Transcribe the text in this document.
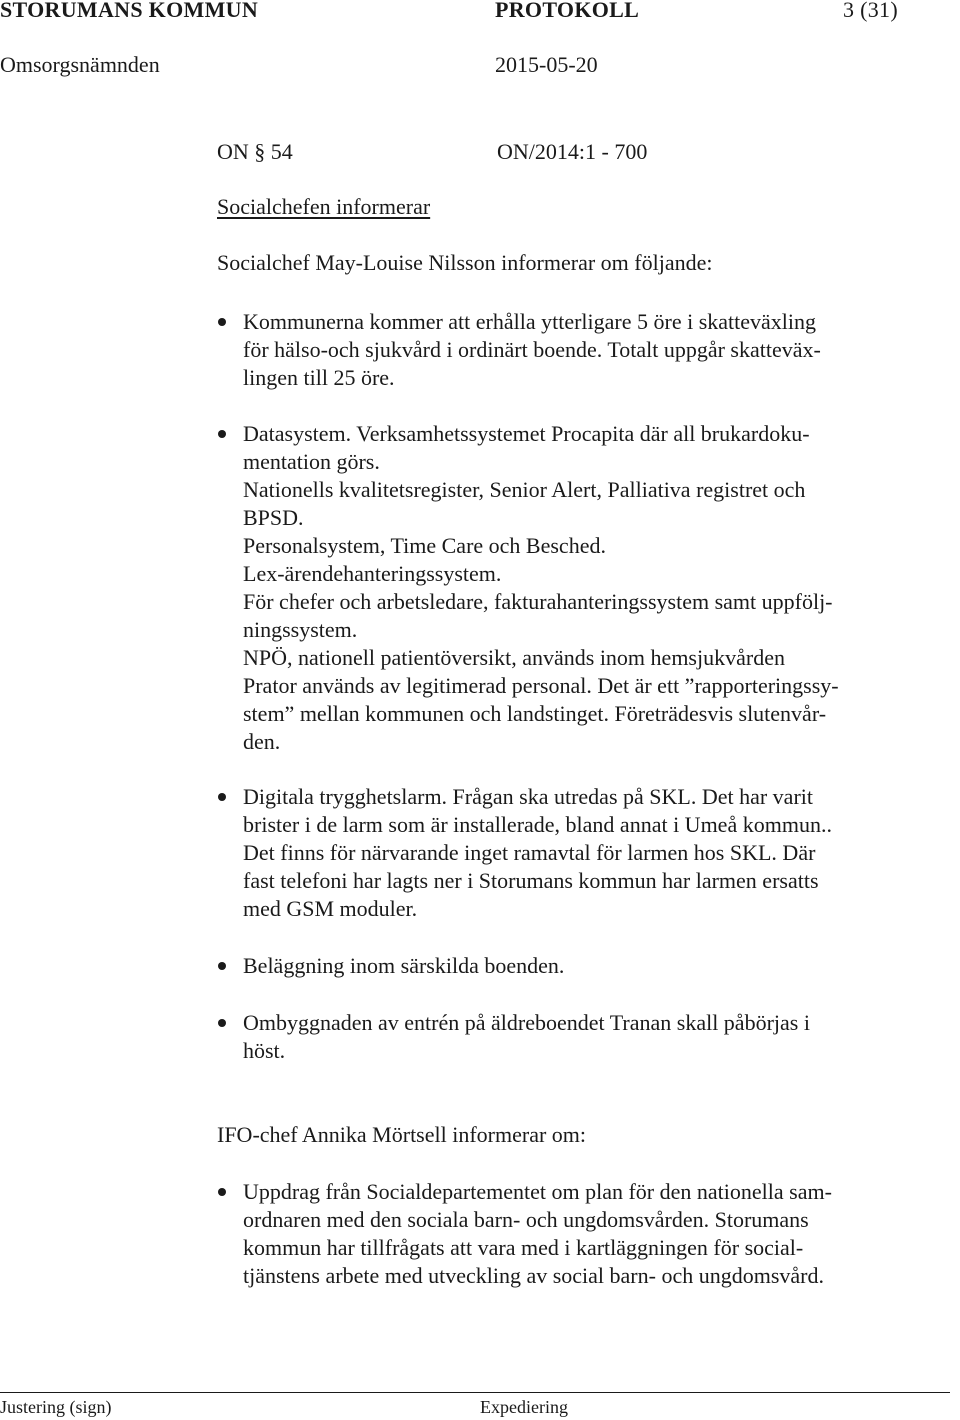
STORUMANS KOMMUN	PROTOKOLL	3 (31)
Omsorgsnämnden	2015-05-20
ON § 54	ON/2014:1 - 700
Socialchefen informerar
Socialchef May-Louise Nilsson informerar om följande:
Kommunerna kommer att erhålla ytterligare 5 öre i skatteväxling
för hälso-och sjukvård i ordinärt boende. Totalt uppgår skatteväx-
lingen till 25 öre.
Datasystem. Verksamhetssystemet Procapita där all brukardoku-
mentation görs.
Nationells kvalitetsregister, Senior Alert, Palliativa registret och
BPSD.
Personalsystem, Time Care och Besched.
Lex-ärendehanteringssystem.
För chefer och arbetsledare, fakturahanteringssystem samt uppfölj-
ningssystem.
NPÖ, nationell patientöversikt, används inom hemsjukvården
Prator används av legitimerad personal. Det är ett ”rapporteringssy-
stem” mellan kommunen och landstinget. Företrädesvis slutenvår-
den.
Digitala trygghetslarm. Frågan ska utredas på SKL. Det har varit
brister i de larm som är installerade, bland annat i Umeå kommun..
Det finns för närvarande inget ramavtal för larmen hos SKL. Där
fast telefoni har lagts ner i Storumans kommun har larmen ersatts
med GSM moduler.
Beläggning inom särskilda boenden.
Ombyggnaden av entrén på äldreboendet Tranan skall påbörjas i
höst.
IFO-chef Annika Mörtsell informerar om:
Uppdrag från Socialdepartementet om plan för den nationella sam-
ordnaren med den sociala barn- och ungdomsvården. Storumans
kommun har tillfrågats att vara med i kartläggningen för social-
tjänstens arbete med utveckling av social barn- och ungdomsvård.
Justering (sign)	Expediering
